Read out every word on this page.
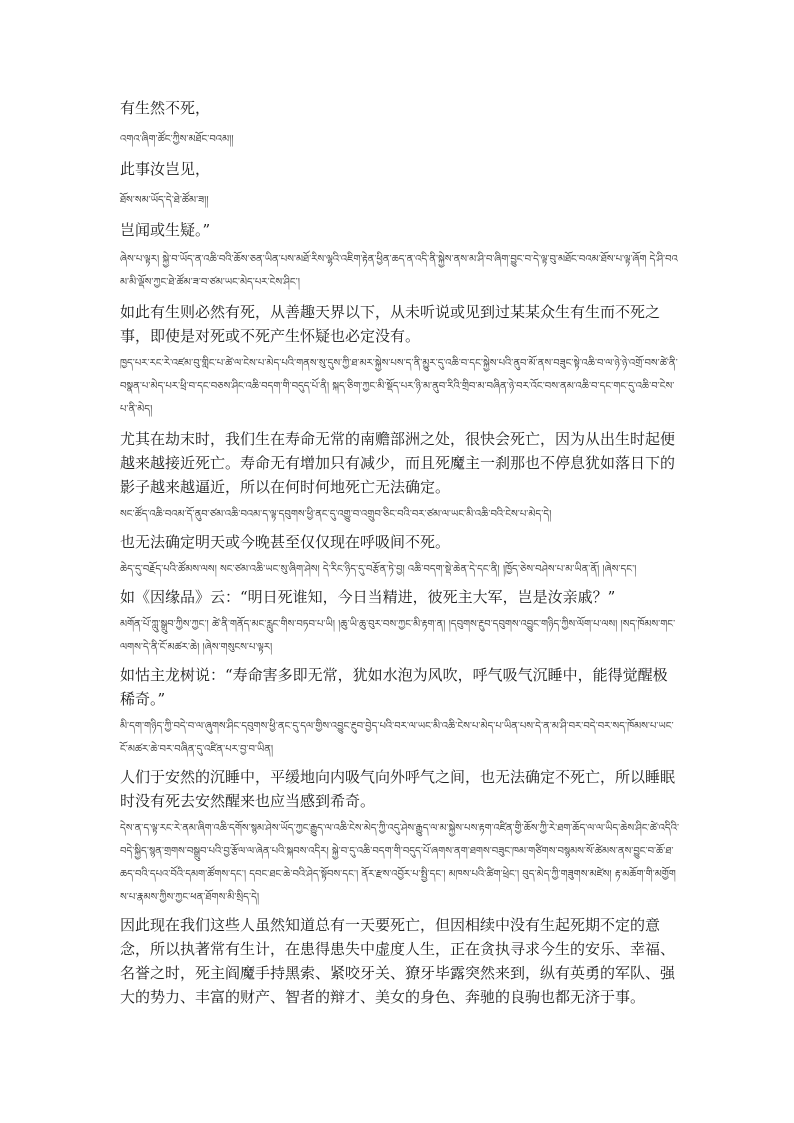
有生然不死，

འགའ་ཞིག་ཚོང་ཀྱིས་མཐོང་བའམ།།

此事汝岂见，

ཐོས་སམ་ཡོད་དེ་ཐེ་ཚོམ་ཟ།།

岂闻或生疑。”

ཞེས་པ་ལྟར། སྐྱེ་བ་ཡོད་ན་འཆི་བའི་ཆོས་ཅན་ཡིན་པས་མཐོ་རིས་ལྷའི་འཇིག་རྟེན་ཕྱིན་ཆད་ན་འདི་ནི་སྐྱེས་ནས་མ་ཤི་བ་ཞིག་བྱུང་བ་དེ་ལྟ་བུ་མཐོང་བའམ་ཐོས་པ་ལྟ་ཞོག དེ་ཤི་བའམ་མི་ལྡོས་ཀྱང་ཐེ་ཚོམ་ཟ་བ་ཙམ་ཡང་མེད་པར་ངེས་ཤིང་།

如此有生则必然有死，从善趣天界以下，从未听说或见到过某某众生有生而不死之事，即使是对死或不死产生怀疑也必定没有。

ཁྱད་པར་རང་རེ་འཛམ་བུ་གླིང་པ་ཚེ་ལ་ངེས་པ་མེད་པའི་གནས་སུ་དུས་ཀྱི་ཐ་མར་སྐྱེས་པས་ད་ནི་མྱུར་དུ་འཆི་བ་དང་སྐྱེས་པའི་ནུབ་མོ་ནས་བཟུང་སྟེ་འཆི་བ་ལ་ཉེ་ཉེ་འགྲོ་བས་ཚེ་ནི་བསྣན་པ་མེད་པར་ཕྲི་བ་དང་བཅས་ཤིང་འཆི་བདག་གི་བདུད་པོ་ནི། སྐད་ཅིག་ཀྱང་མི་སྡོད་པར་ཉི་མ་ནུབ་རིའི་གྲིབ་མ་བཞིན་ཉེ་བར་འོང་བས་ནམ་འཆི་བ་དང་གང་དུ་འཆི་བ་ངེས་པ་ནི་མེད།

尤其在劫末时，我们生在寿命无常的南赡部洲之处，很快会死亡，因为从出生时起便越来越接近死亡。寿命无有增加只有减少，而且死魔主一刹那也不停息犹如落日下的影子越来越逼近，所以在何时何地死亡无法确定。

སང་ཚོད་འཆི་བའམ་དོ་ནུབ་ཙམ་འཆི་བའམ་ད་ལྟ་དབུགས་ཕྱི་ནང་དུ་འགྱུ་བ་འགྲུབ་ཅིང་བའི་བར་ཙམ་ལ་ཡང་མི་འཆི་བའི་ངེས་པ་མེད་དེ།

也无法确定明天或今晚甚至仅仅现在呼吸间不死。

ཆེད་དུ་བརྗོད་པའི་ཚོམས་ལས། སང་ཙམ་འཆི་ཡང་སུ་ཞིག་ཤེས། དེ་རིང་ཉིད་དུ་བརྩོན་ཏེ་བྱ། འཆི་བདག་སྡེ་ཆེན་དེ་དང་ནི། །ཁྱོད་ཅེས་བཤེས་པ་མ་ཡིན་ནོ། །ཞེས་དང་།

如《因缘品》云：“明日死谁知，今日当精进，彼死主大军，岂是汝亲戚？”

མགོན་པོ་ཀླུ་སྒྲུབ་ཀྱིས་ཀྱང་། ཚེ་ནི་གནོད་མང་རླུང་གིས་བཏབ་པ་ཡི། །ཆུ་ཡི་ཆུ་བུར་བས་ཀྱང་མི་རྟག་ན། །དབུགས་རྔུབ་དབུགས་འབྱུང་གཉིད་ཀྱིས་ལོག་པ་ལས། །སད་ཁོམས་གང་ལགས་དེ་ནི་ངོ་མཚར་ཆེ། །ཞེས་གསུངས་པ་ལྟར།

如怙主龙树说：“寿命害多即无常，犹如水泡为风吹，呼气吸气沉睡中，能得觉醒极稀奇。”

མི་དག་གཉིད་ཀྱི་བདེ་བ་ལ་ཞུགས་ཤིང་དབུགས་ཕྱི་ནང་དུ་དལ་གྱིས་འབྱུང་རྔུབ་བྱེད་པའི་བར་ལ་ཡང་མི་འཆི་ངེས་པ་མེད་པ་ཡིན་པས་དེ་ན་མ་ཤི་བར་བདེ་བར་སད་ཁོམས་པ་ཡང་ངོ་མཚར་ཆེ་བར་བཞིན་དུ་འཛིན་པར་བྱ་བ་ཡིན།

人们于安然的沉睡中，平缓地向内吸气向外呼气之间，也无法确定不死亡，所以睡眠时没有死去安然醒来也应当感到希奇。

དེས་ན་ད་ལྟ་རང་རེ་ནམ་ཞིག་འཆི་དགོས་སྙམ་ཤེས་ཡོད་ཀྱང་རྒྱུད་ལ་འཆི་ངེས་མེད་ཀྱི་འདུ་ཤེས་རྒྱུད་ལ་མ་སྐྱེས་པས་རྟག་འཛིན་གྱི་ཆོས་ཀྱི་རེ་ཐག་ཆོད་ལ་ལ་ཡིད་ཆེས་ཤིང་ཚེ་འདིའི་བདེ་སྐྱིད་སྙན་གྲགས་བསྒྲུབ་པའི་བྱ་རྩོལ་ལ་ཞེན་པའི་སྐབས་འདིར། སྐྱེ་བ་དུ་འཆི་བདག་གི་བདུད་པོ་ཞགས་ནག་ཐགས་བཟུང་ཁམ་གཙིགས་བསྙམས་སོ་ཚེམས་ནས་བྱུང་བ་ཆོ་ཐ་ཆད་བའི་དཔའ་བོའི་དམག་ཚོགས་དང་། དབང་ཐང་ཆེ་བའི་ཤེད་སྟོབས་དང་། ནོར་རྫས་འབྱོར་པ་སྤྱི་དང་། མཁས་པའི་ཚིག་ཕྲེང་། བུད་མེད་ཀྱི་གཟུགས་མཛེས། རྟ་མཆོག་གི་མགྱོགས་པ་རྣམས་ཀྱིས་ཀྱང་ཕན་ཐོགས་མི་སྲིད་དེ།

因此现在我们这些人虽然知道总有一天要死亡，但因相续中没有生起死期不定的意念，所以执著常有生计，在患得患失中虚度人生，正在贪执寻求今生的安乐、幸福、名誉之时，死主阎魔手持黑索、紧咬牙关、獠牙毕露突然来到，纵有英勇的军队、强大的势力、丰富的财产、智者的辩才、美女的身色、奔驰的良驹也都无济于事。
